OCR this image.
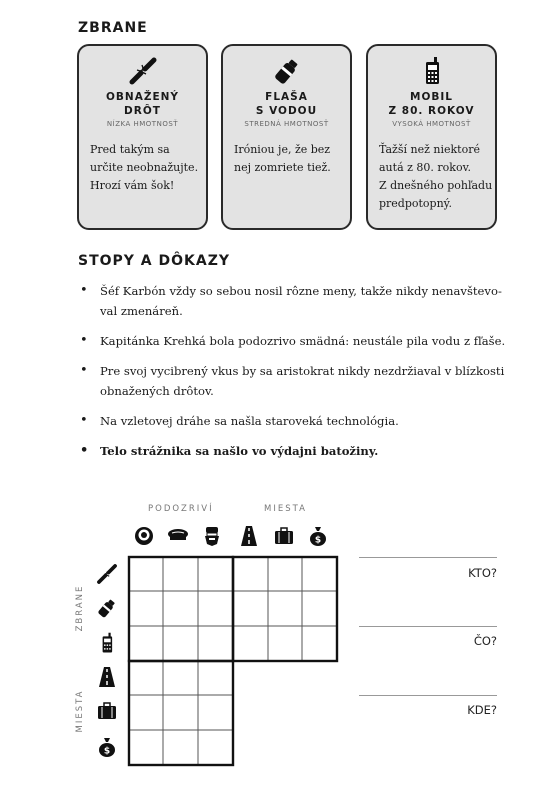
ZBRANE
OBNAŽENÝ
DRÔT
NÍZKA HMOTNOSŤ
Pred takým sa
určite neobnažujte.
Hrozí vám šok!
FLAŠA
S VODOU
STREDNÁ HMOTNOSŤ
Iróniou je, že bez
nej zomriete tiež.
MOBIL
Z 80. ROKOV
VYSOKÁ HMOTNOSŤ
Ťažší než niektoré
autá z 80. rokov.
Z dnešného pohľadu
predpotopný.
STOPY A DÔKAZY
• Šéf Karbón vždy so sebou nosil rôzne meny, takže nikdy nenavštevo-
val zmenáreň.
• Kapitánka Krehká bola podozrivo smädná: neustále pila vodu z fľaše.
• Pre svoj vycibrený vkus by sa aristokrat nikdy nezdržiaval v blízkosti
obnažených drôtov.
• Na vzletovej dráhe sa našla staroveká technológia.
• Telo strážnika sa našlo vo výdajni batožiny.
PODOZRIVÍ	MIESTA
ZBRANE
MIESTA
$
$
KTO?
ČO?
KDE?
